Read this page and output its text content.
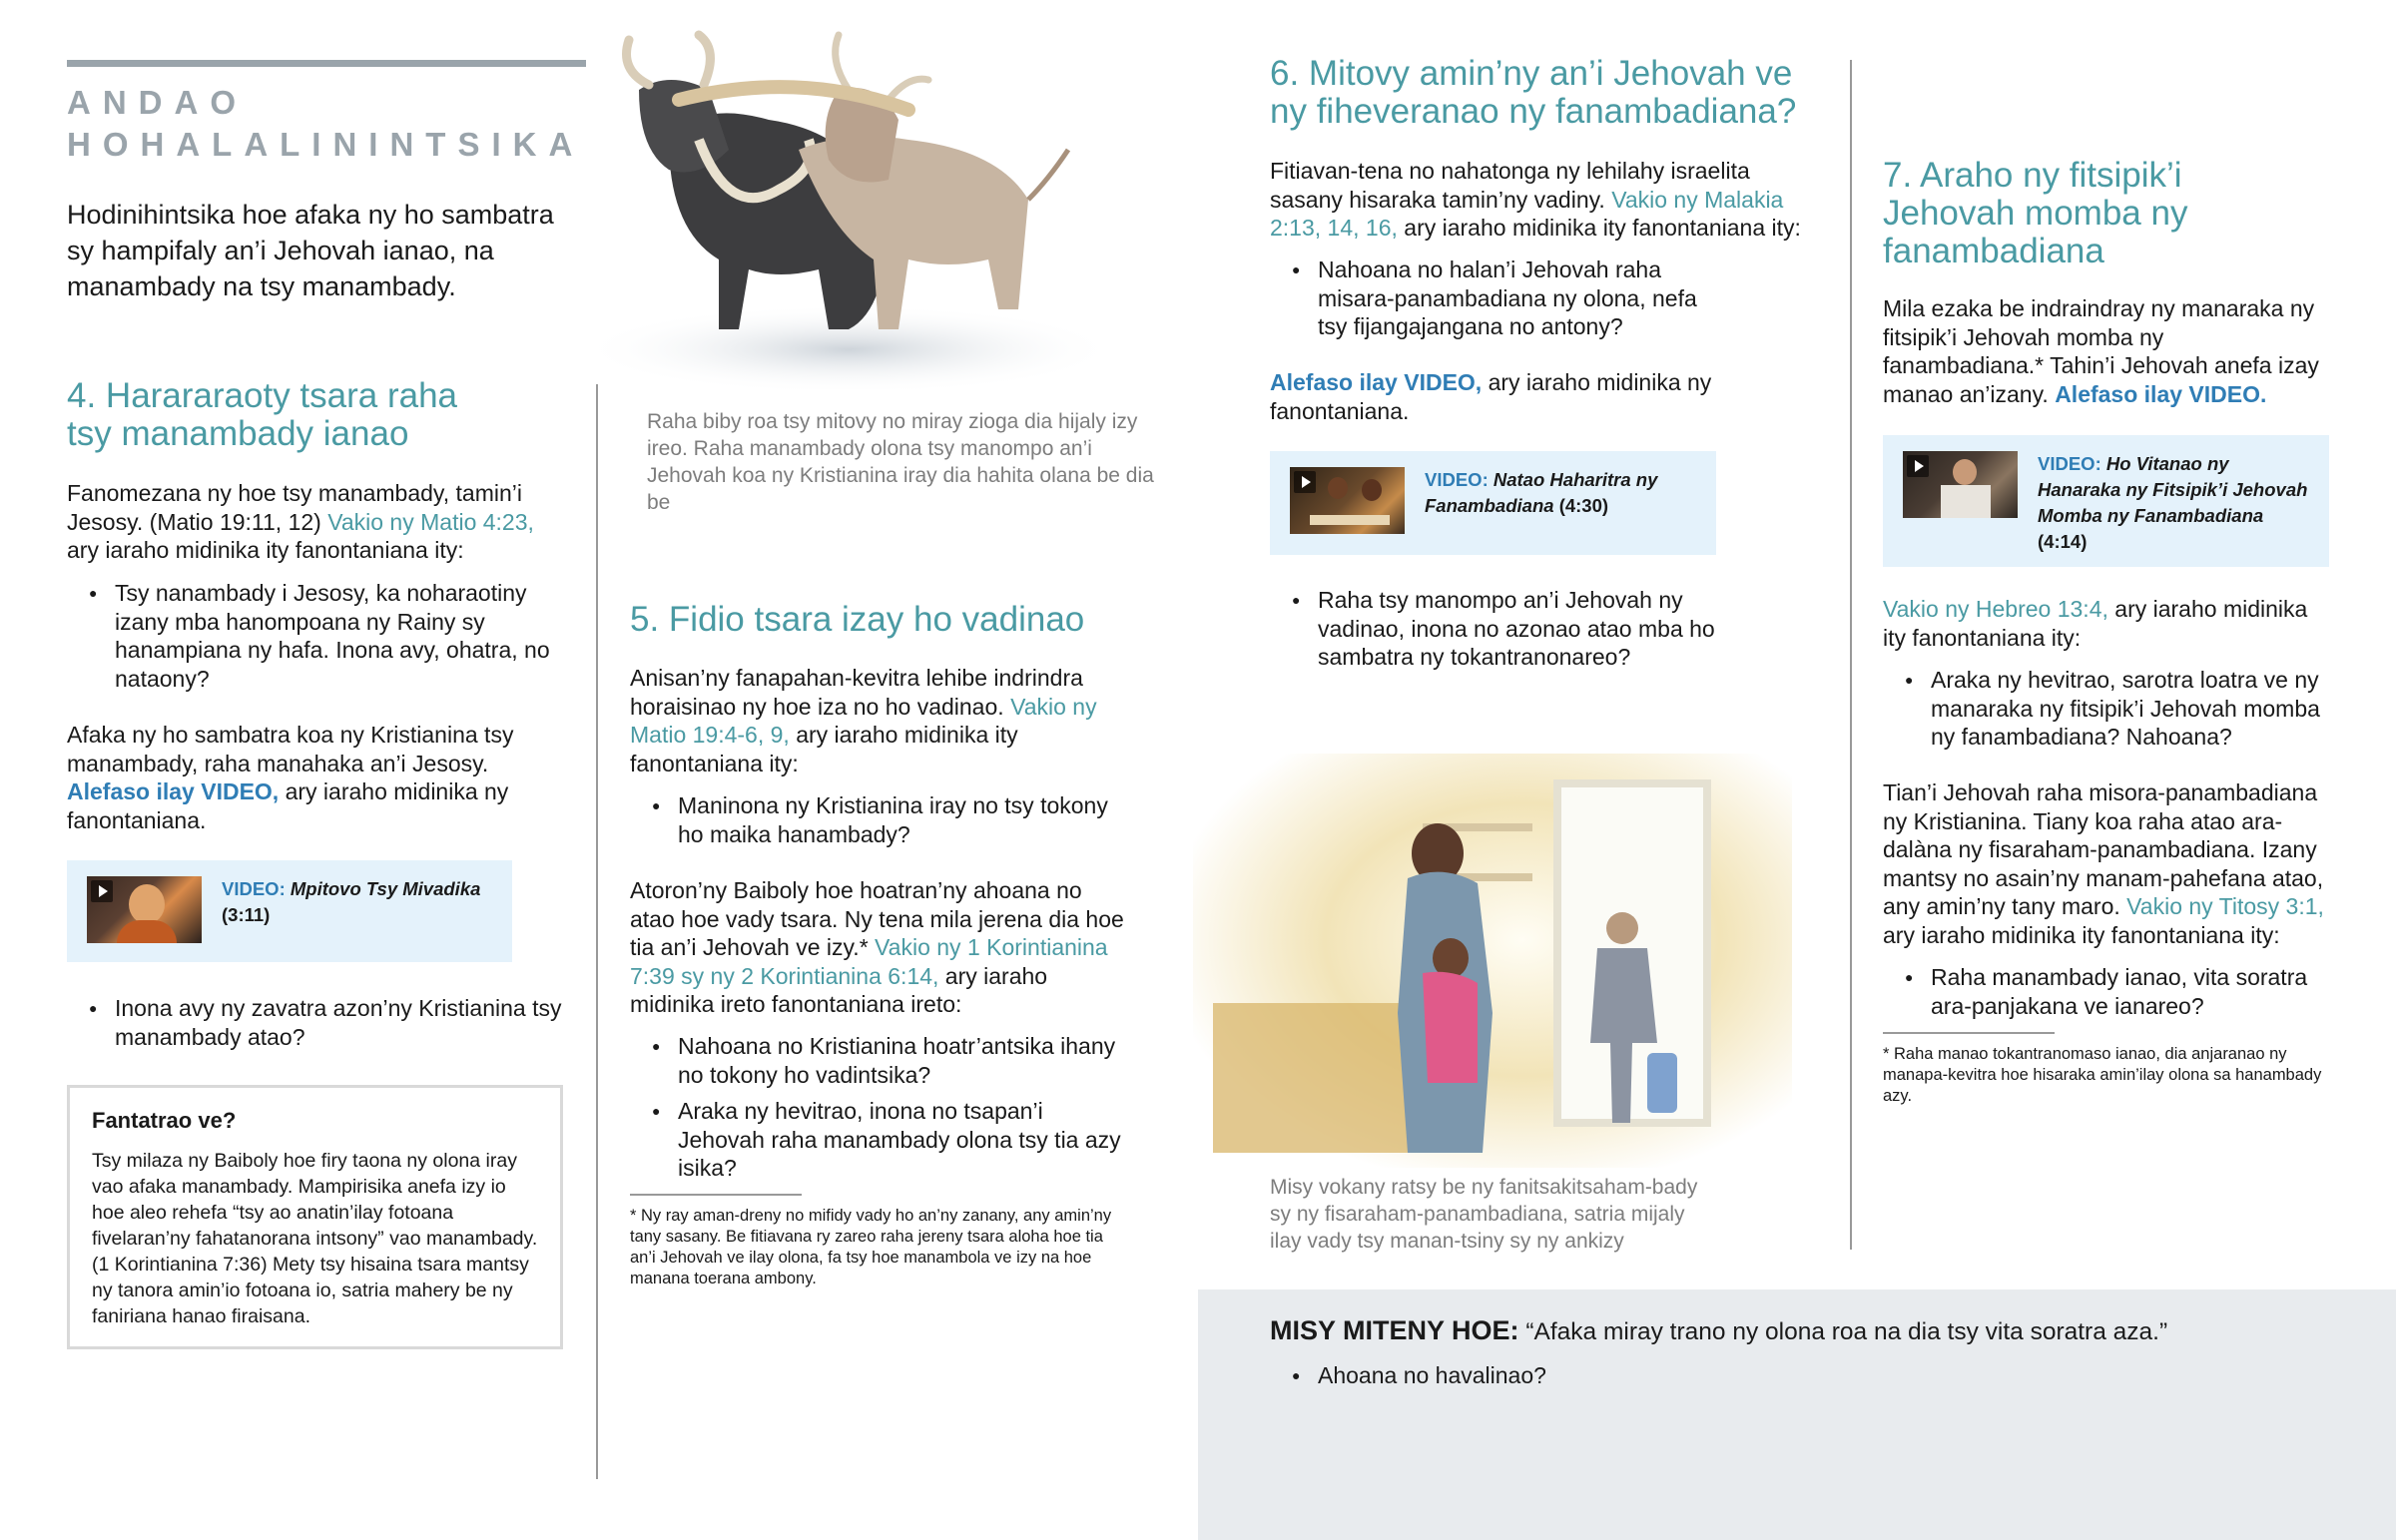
ANDAO
HOHALALININTSIKA
Hodinihintsika hoe afaka ny ho sambatra sy hampifaly an’i Jehovah ianao, na manambady na tsy manambady.
4. Harararaoty tsara raha tsy manambady ianao
Fanomezana ny hoe tsy manambady, tamin’i Jesosy. (Matio 19:11, 12) Vakio ny Matio 4:23, ary iaraho midinika ity fanontaniana ity:
● Tsy nanambady i Jesosy, ka noharaotiny izany mba hanompoana ny Rainy sy hanampiana ny hafa. Inona avy, ohatra, no nataony?
Afaka ny ho sambatra koa ny Kristianina tsy manambady, raha manahaka an’i Jesosy. Alefaso ilay VIDEO, ary iaraho midinika ny fanontaniana.
VIDEO: Mpitovo Tsy Mivadika
(3:11)
● Inona avy ny zavatra azon’ny Kristianina tsy manambady atao?
Fantatrao ve?
Tsy milaza ny Baiboly hoe firy taona ny olona iray vao afaka manambady. Mampirisika anefa izy io hoe aleo rehefa “tsy ao anatin’ilay fotoana fivelaran’ny fahatanorana intsony” vao manambady. (1 Korintianina 7:36) Mety tsy hisaina tsara mantsy ny tanora amin’io fotoana io, satria mahery be ny faniriana hanao firaisana.
Raha biby roa tsy mitovy no miray zioga dia hijaly izy ireo. Raha manambady olona tsy manompo an’i Jehovah koa ny Kristianina iray dia hahita olana be dia be
5. Fidio tsara izay ho vadinao
Anisan’ny fanapahan-kevitra lehibe indrindra horaisinao ny hoe iza no ho vadinao. Vakio ny Matio 19:4-6, 9, ary iaraho midinika ity fanontaniana ity:
● Maninona ny Kristianina iray no tsy tokony ho maika hanambady?
Atoron’ny Baiboly hoe hoatran’ny ahoana no atao hoe vady tsara. Ny tena mila jerena dia hoe tia an’i Jehovah ve izy.* Vakio ny 1 Korintianina 7:39 sy ny 2 Korintianina 6:14, ary iaraho midinika ireto fanontaniana ireto:
● Nahoana no Kristianina hoatr’antsika ihany no tokony ho vadintsika?
● Araka ny hevitrao, inona no tsapan’i Jehovah raha manambady olona tsy tia azy isika?
* Ny ray aman-dreny no mifidy vady ho an’ny zanany, any amin’ny tany sasany. Be fitiavana ry zareo raha jereny tsara aloha hoe tia an’i Jehovah ve ilay olona, fa tsy hoe manambola ve izy na hoe manana toerana ambony.
6. Mitovy amin’ny an’i Jehovah ve ny fiheveranao ny fanambadiana?
Fitiavan-tena no nahatonga ny lehilahy israelita sasany hisaraka tamin’ny vadiny. Vakio ny Malakia 2:13, 14, 16, ary iaraho midinika ity fanontaniana ity:
● Nahoana no halan’i Jehovah raha misara-panambadiana ny olona, nefa tsy fijangajangana no antony?
Alefaso ilay VIDEO, ary iaraho midinika ny fanontaniana.
VIDEO: Natao Haharitra ny Fanambadiana (4:30)
● Raha tsy manompo an’i Jehovah ny vadinao, inona no azonao atao mba ho sambatra ny tokantranonareo?
Misy vokany ratsy be ny fanitsakitsaham-bady sy ny fisaraham-panambadiana, satria mijaly ilay vady tsy manan-tsiny sy ny ankizy
7. Araho ny fitsipik’i Jehovah momba ny fanambadiana
Mila ezaka be indraindray ny manaraka ny fitsipik’i Jehovah momba ny fanambadiana.* Tahin’i Jehovah anefa izay manao an’izany. Alefaso ilay VIDEO.
VIDEO: Ho Vitanao ny Hanaraka ny Fitsipik’i Jehovah Momba ny Fanambadiana
(4:14)
Vakio ny Hebreo 13:4, ary iaraho midinika ity fanontaniana ity:
● Araka ny hevitrao, sarotra loatra ve ny manaraka ny fitsipik’i Jehovah momba ny fanambadiana? Nahoana?
Tian’i Jehovah raha misora-panambadiana ny Kristianina. Tiany koa raha atao ara-dalàna ny fisaraham-panambadiana. Izany mantsy no asain’ny manam-pahefana atao, any amin’ny tany maro. Vakio ny Titosy 3:1, ary iaraho midinika ity fanontaniana ity:
● Raha manambady ianao, vita soratra ara-panjakana ve ianareo?
* Raha manao tokantranomaso ianao, dia anjaranao ny manapa-kevitra hoe hisaraka amin’ilay olona sa hanambady azy.
MISY MITENY HOE: “Afaka miray trano ny olona roa na dia tsy vita soratra aza.”
● Ahoana no havalinao?
